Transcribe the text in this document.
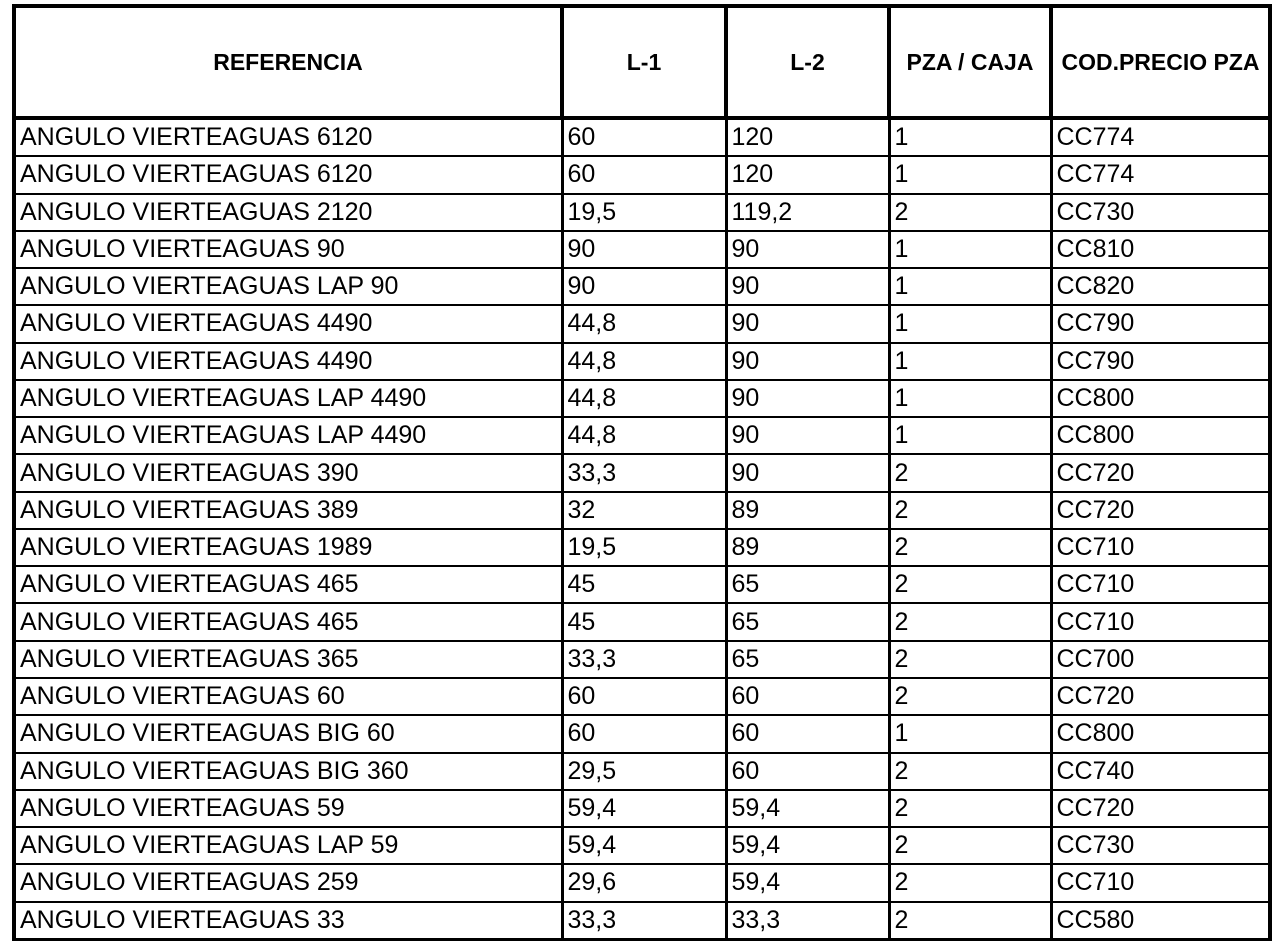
REFERENCIA	L-1	L-2	PZA / CAJA	COD.PRECIO PZA
ANGULO VIERTEAGUAS 6120	60	120	1	CC774
ANGULO VIERTEAGUAS 6120	60	120	1	CC774
ANGULO VIERTEAGUAS 2120	19,5	119,2	2	CC730
ANGULO VIERTEAGUAS 90	90	90	1	CC810
ANGULO VIERTEAGUAS LAP 90	90	90	1	CC820
ANGULO VIERTEAGUAS 4490	44,8	90	1	CC790
ANGULO VIERTEAGUAS 4490	44,8	90	1	CC790
ANGULO VIERTEAGUAS LAP 4490	44,8	90	1	CC800
ANGULO VIERTEAGUAS LAP 4490	44,8	90	1	CC800
ANGULO VIERTEAGUAS 390	33,3	90	2	CC720
ANGULO VIERTEAGUAS 389	32	89	2	CC720
ANGULO VIERTEAGUAS 1989	19,5	89	2	CC710
ANGULO VIERTEAGUAS 465	45	65	2	CC710
ANGULO VIERTEAGUAS 465	45	65	2	CC710
ANGULO VIERTEAGUAS 365	33,3	65	2	CC700
ANGULO VIERTEAGUAS 60	60	60	2	CC720
ANGULO VIERTEAGUAS BIG 60	60	60	1	CC800
ANGULO VIERTEAGUAS BIG 360	29,5	60	2	CC740
ANGULO VIERTEAGUAS 59	59,4	59,4	2	CC720
ANGULO VIERTEAGUAS LAP 59	59,4	59,4	2	CC730
ANGULO VIERTEAGUAS 259	29,6	59,4	2	CC710
ANGULO VIERTEAGUAS 33	33,3	33,3	2	CC580
